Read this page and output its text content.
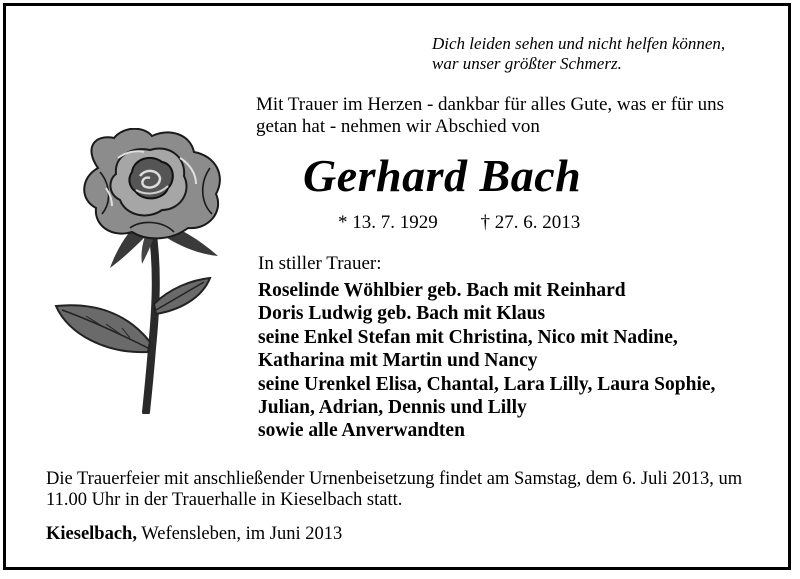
Dich leiden sehen und nicht helfen können,
war unser größter Schmerz.
Mit Trauer im Herzen - dankbar für alles Gute, was er für uns getan hat - nehmen wir Abschied von
Gerhard Bach
* 13. 7. 1929 † 27. 6. 2013
In stiller Trauer:
Roselinde Wöhlbier geb. Bach mit Reinhard
Doris Ludwig geb. Bach mit Klaus
seine Enkel Stefan mit Christina, Nico mit Nadine,
Katharina mit Martin und Nancy
seine Urenkel Elisa, Chantal, Lara Lilly, Laura Sophie,
Julian, Adrian, Dennis und Lilly
sowie alle Anverwandten
Die Trauerfeier mit anschließender Urnenbeisetzung findet am Samstag, dem 6. Juli 2013, um 11.00 Uhr in der Trauerhalle in Kieselbach statt.
Kieselbach, Wefensleben, im Juni 2013
